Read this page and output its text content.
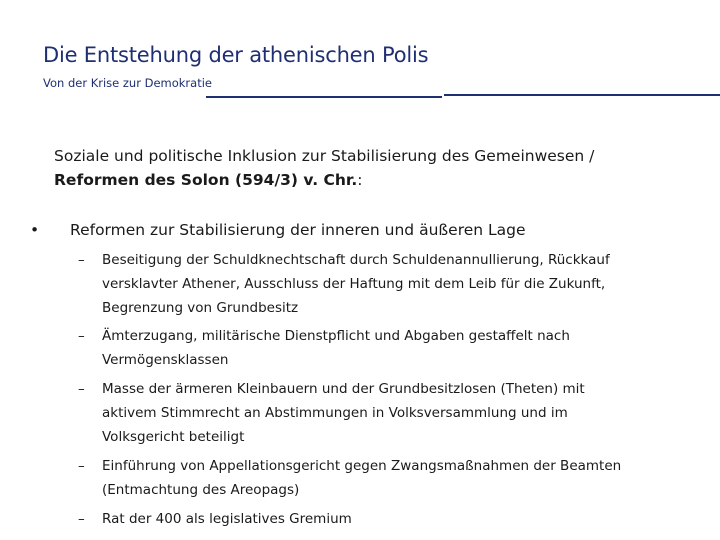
Die Entstehung der athenischen Polis
Von der Krise zur Demokratie
Soziale und politische Inklusion zur Stabilisierung des Gemeinwesen /
Reformen des Solon (594/3) v. Chr.:
• Reformen zur Stabilisierung der inneren und äußeren Lage
– Beseitigung der Schuldknechtschaft durch Schuldenannullierung, Rückkauf
versklavter Athener, Ausschluss der Haftung mit dem Leib für die Zukunft,
Begrenzung von Grundbesitz
– Ämterzugang, militärische Dienstpflicht und Abgaben gestaffelt nach
Vermögensklassen
– Masse der ärmeren Kleinbauern und der Grundbesitzlosen (Theten) mit
aktivem Stimmrecht an Abstimmungen in Volksversammlung und im
Volksgericht beteiligt
– Einführung von Appellationsgericht gegen Zwangsmaßnahmen der Beamten
(Entmachtung des Areopags)
– Rat der 400 als legislatives Gremium
